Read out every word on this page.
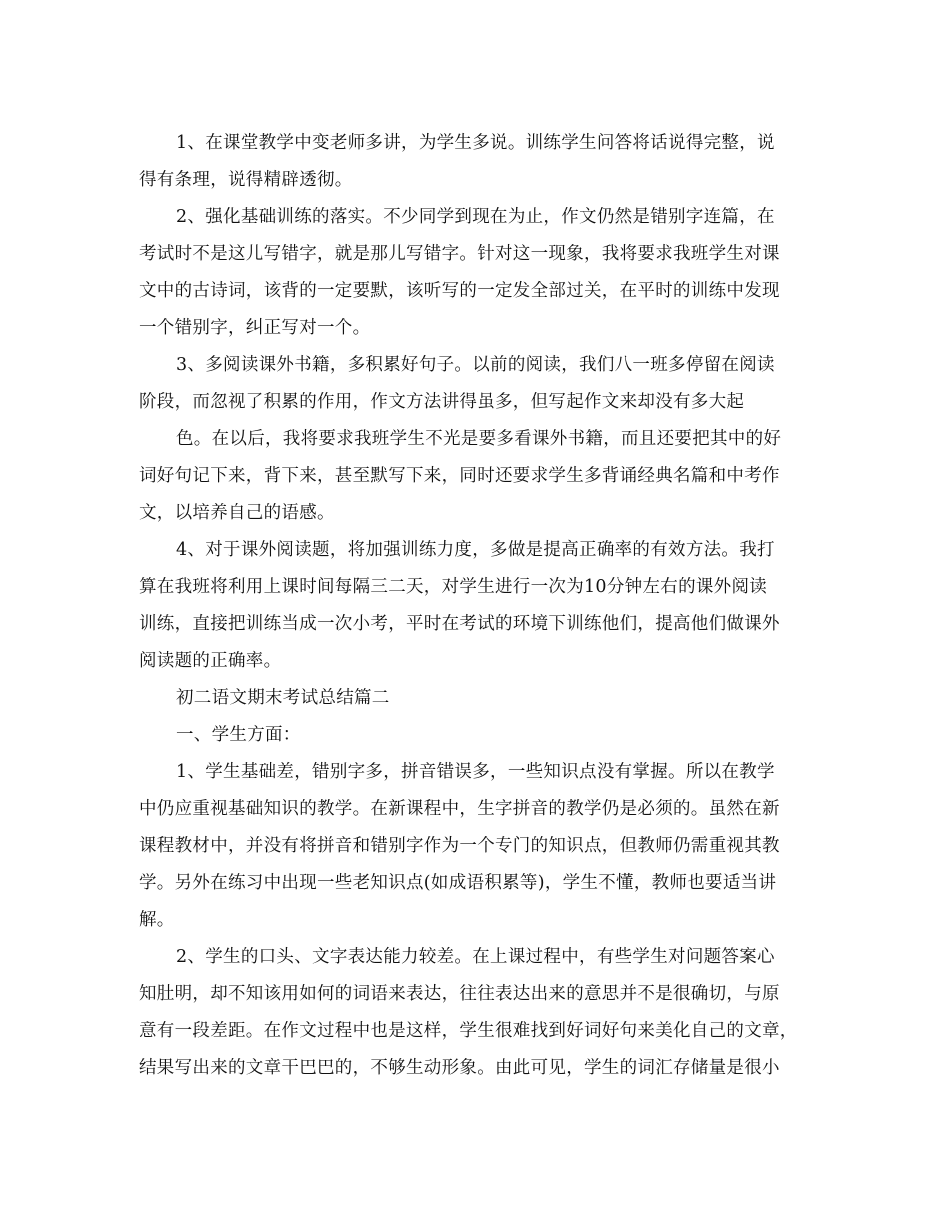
1、在课堂教学中变老师多讲，为学生多说。训练学生问答将话说得完整，说
得有条理，说得精辟透彻。
2、强化基础训练的落实。不少同学到现在为止，作文仍然是错别字连篇，在
考试时不是这儿写错字，就是那儿写错字。针对这一现象，我将要求我班学生对课
文中的古诗词，该背的一定要默，该听写的一定发全部过关，在平时的训练中发现
一个错别字，纠正写对一个。
3、多阅读课外书籍，多积累好句子。以前的阅读，我们八一班多停留在阅读
阶段，而忽视了积累的作用，作文方法讲得虽多，但写起作文来却没有多大起
色。在以后，我将要求我班学生不光是要多看课外书籍，而且还要把其中的好
词好句记下来，背下来，甚至默写下来，同时还要求学生多背诵经典名篇和中考作
文，以培养自己的语感。
4、对于课外阅读题，将加强训练力度，多做是提高正确率的有效方法。我打
算在我班将利用上课时间每隔三二天，对学生进行一次为10分钟左右的课外阅读
训练，直接把训练当成一次小考，平时在考试的环境下训练他们，提高他们做课外
阅读题的正确率。
初二语文期末考试总结篇二
一、学生方面：
1、学生基础差，错别字多，拼音错误多，一些知识点没有掌握。所以在教学
中仍应重视基础知识的教学。在新课程中，生字拼音的教学仍是必须的。虽然在新
课程教材中，并没有将拼音和错别字作为一个专门的知识点，但教师仍需重视其教
学。另外在练习中出现一些老知识点(如成语积累等)，学生不懂，教师也要适当讲
解。
2、学生的口头、文字表达能力较差。在上课过程中，有些学生对问题答案心
知肚明，却不知该用如何的词语来表达，往往表达出来的意思并不是很确切，与原
意有一段差距。在作文过程中也是这样，学生很难找到好词好句来美化自己的文章，
结果写出来的文章干巴巴的，不够生动形象。由此可见，学生的词汇存储量是很小
